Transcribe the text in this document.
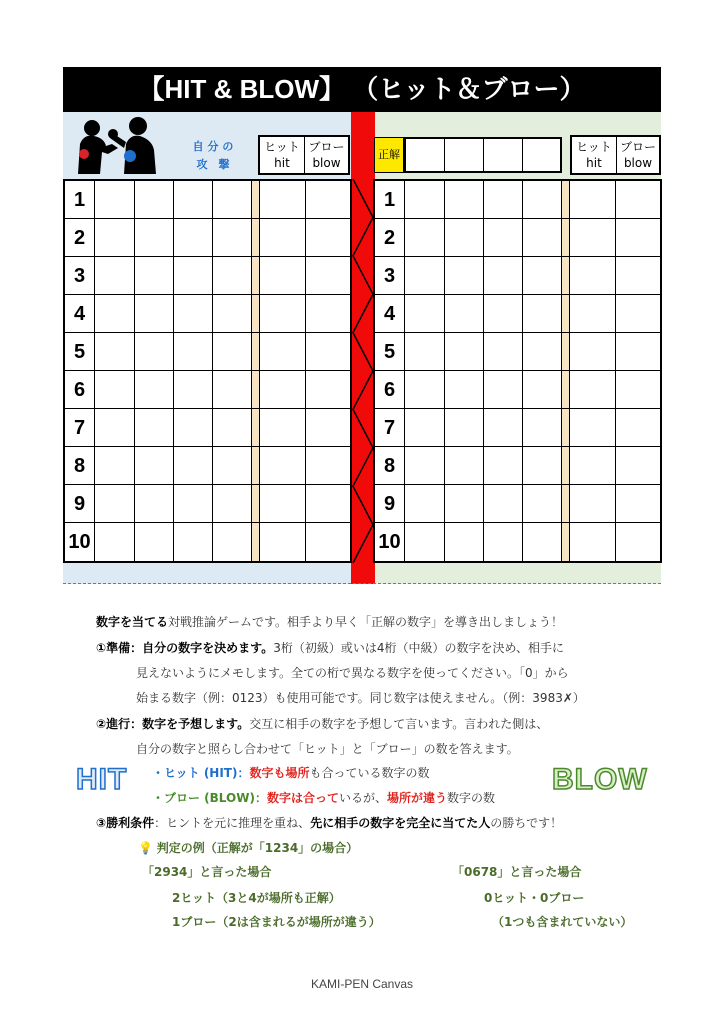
【HIT & BLOW】 （ヒット＆ブロー）
自 分 の
攻　撃
ヒット
hit
ブロー
blow
正解
ヒット
hit
ブロー
blow
1
2
3
4
5
6
7
8
9
10
1
2
3
4
5
6
7
8
9
10
数字を当てる対戦推論ゲームです。相手より早く「正解の数字」を導き出しましょう！
①準備：自分の数字を決めます。3桁（初級）或いは4桁（中級）の数字を決め、相手に
見えないようにメモします。全ての桁で異なる数字を使ってください。「0」から
始まる数字（例：0123）も使用可能です。同じ数字は使えません。（例：3983✗）
②進行：数字を予想します。交互に相手の数字を予想して言います。言われた側は、
自分の数字と照らし合わせて「ヒット」と「ブロー」の数を答えます。
HIT	BLOW
・ヒット (HIT)：数字も場所も合っている数字の数
・ブロー (BLOW)：数字は合っているが、場所が違う数字の数
③勝利条件：ヒントを元に推理を重ね、先に相手の数字を完全に当てた人の勝ちです！
💡 判定の例（正解が「1234」の場合）
「2934」と言った場合
2ヒット（3と4が場所も正解）
1ブロー（2は含まれるが場所が違う）
「0678」と言った場合
0ヒット・0ブロー
（1つも含まれていない）
KAMI-PEN Canvas
